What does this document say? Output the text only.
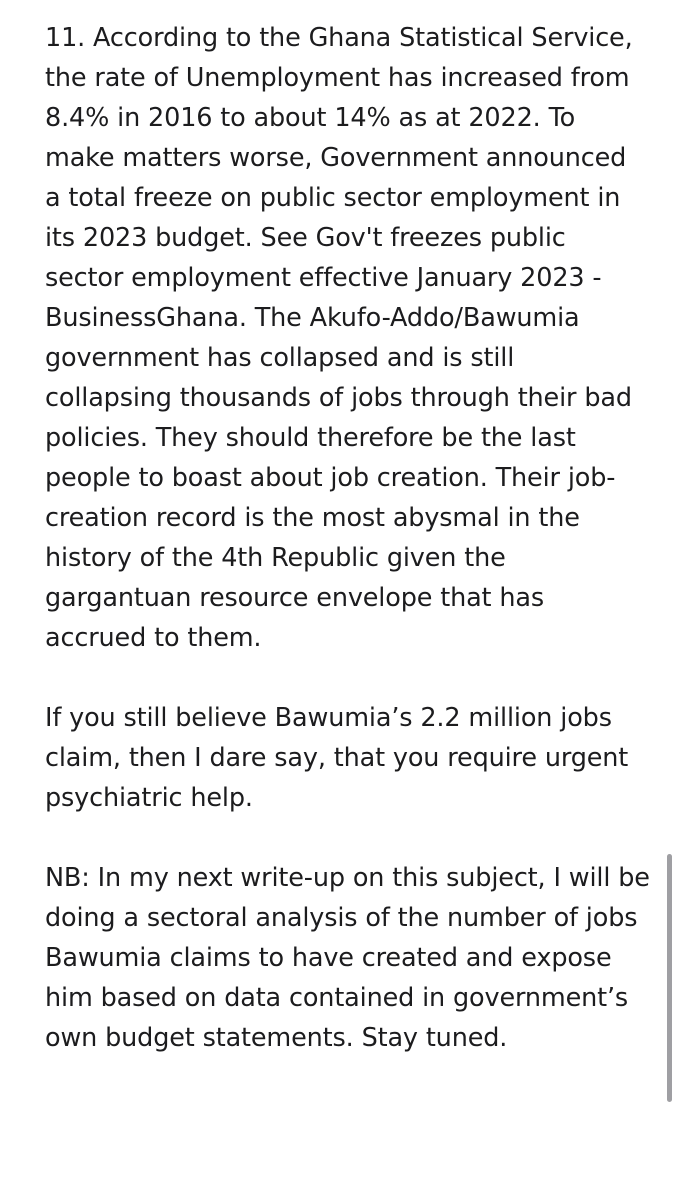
11. According to the Ghana Statistical Service,
the rate of Unemployment has increased from
8.4% in 2016 to about 14% as at 2022. To
make matters worse, Government announced
a total freeze on public sector employment in
its 2023 budget. See Gov't freezes public
sector employment effective January 2023 -
BusinessGhana. The Akufo-Addo/Bawumia
government has collapsed and is still
collapsing thousands of jobs through their bad
policies. They should therefore be the last
people to boast about job creation. Their job-
creation record is the most abysmal in the
history of the 4th Republic given the
gargantuan resource envelope that has
accrued to them.

If you still believe Bawumia’s 2.2 million jobs
claim, then I dare say, that you require urgent
psychiatric help.

NB: In my next write-up on this subject, I will be
doing a sectoral analysis of the number of jobs
Bawumia claims to have created and expose
him based on data contained in government’s
own budget statements. Stay tuned.
